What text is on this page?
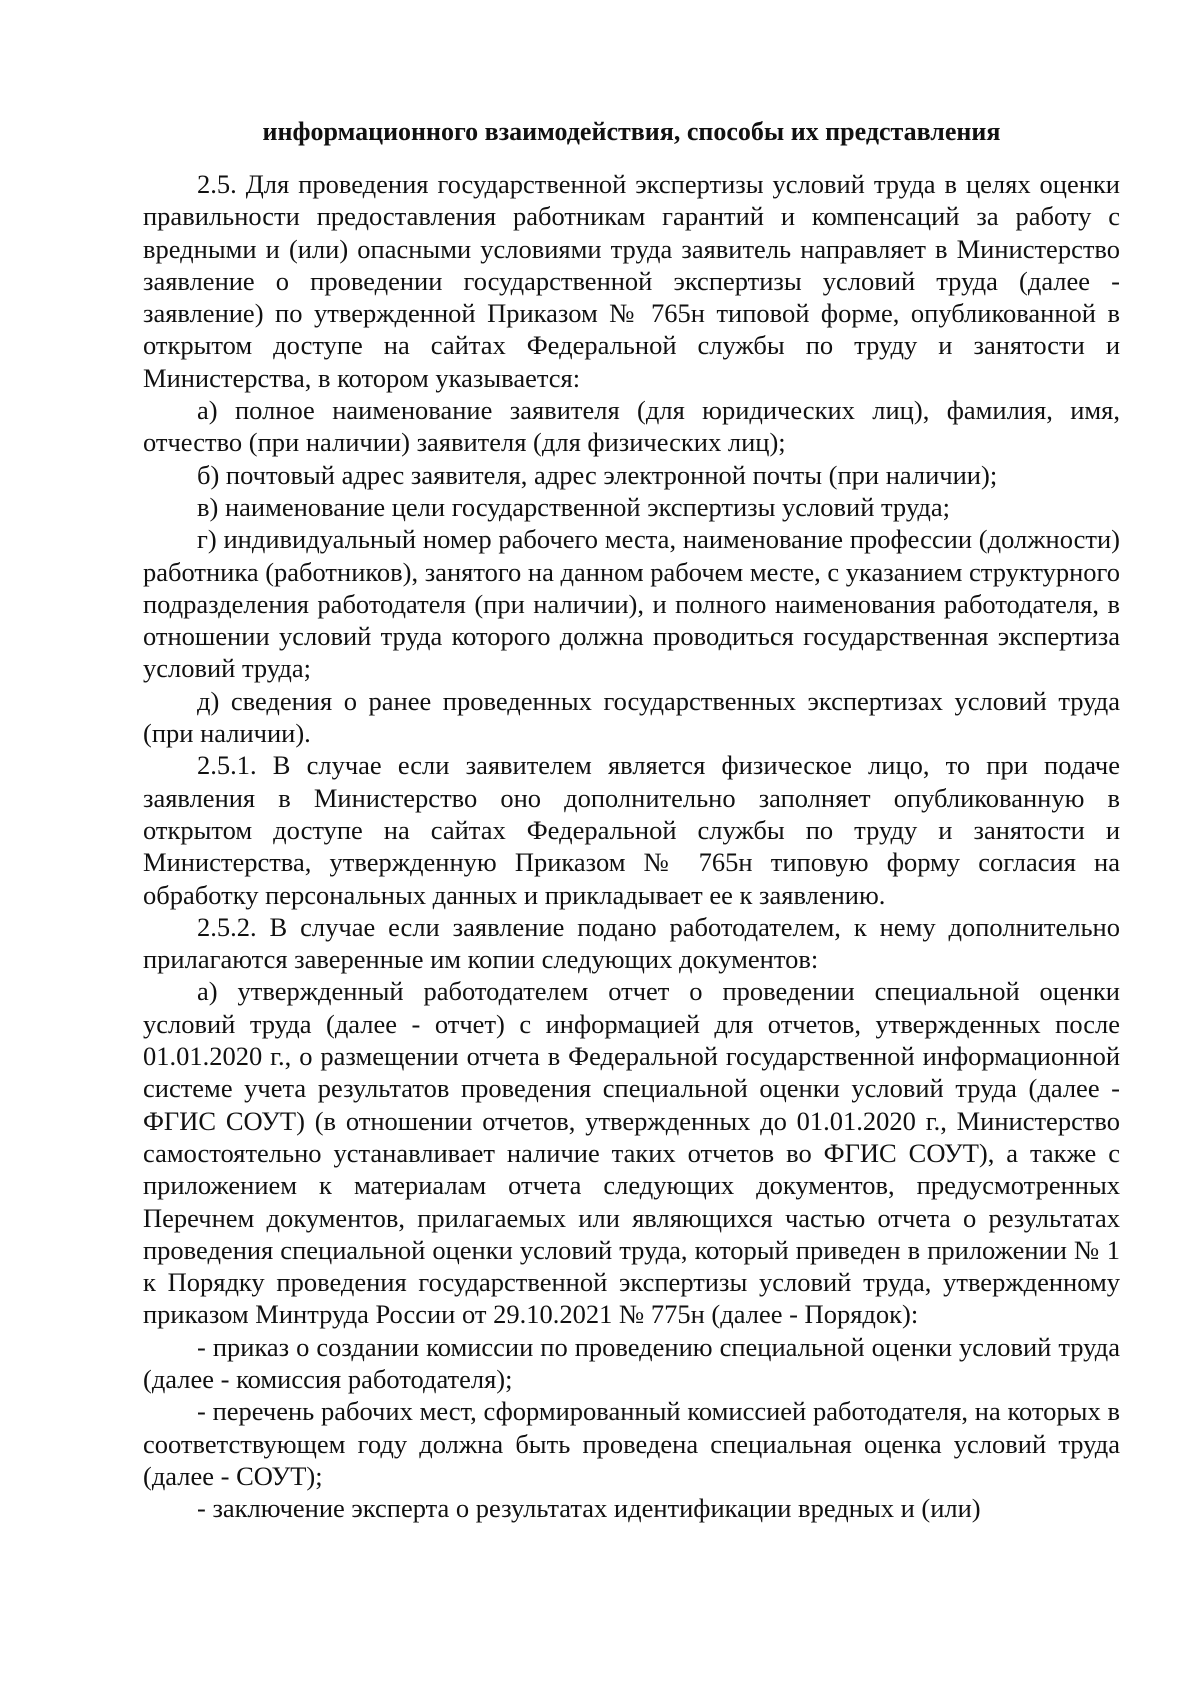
информационного взаимодействия, способы их представления

2.5. Для проведения государственной экспертизы условий труда в целях оценки правильности предоставления работникам гарантий и компенсаций за работу с вредными и (или) опасными условиями труда заявитель направляет в Министерство заявление о проведении государственной экспертизы условий труда (далее - заявление) по утвержденной Приказом № 765н типовой форме, опубликованной в открытом доступе на сайтах Федеральной службы по труду и занятости и Министерства, в котором указывается:

а) полное наименование заявителя (для юридических лиц), фамилия, имя, отчество (при наличии) заявителя (для физических лиц);

б) почтовый адрес заявителя, адрес электронной почты (при наличии);

в) наименование цели государственной экспертизы условий труда;

г) индивидуальный номер рабочего места, наименование профессии (должности) работника (работников), занятого на данном рабочем месте, с указанием структурного подразделения работодателя (при наличии), и полного наименования работодателя, в отношении условий труда которого должна проводиться государственная экспертиза условий труда;

д) сведения о ранее проведенных государственных экспертизах условий труда (при наличии).

2.5.1. В случае если заявителем является физическое лицо, то при подаче заявления в Министерство оно дополнительно заполняет опубликованную в открытом доступе на сайтах Федеральной службы по труду и занятости и Министерства, утвержденную Приказом № 765н типовую форму согласия на обработку персональных данных и прикладывает ее к заявлению.

2.5.2. В случае если заявление подано работодателем, к нему дополнительно прилагаются заверенные им копии следующих документов:

а) утвержденный работодателем отчет о проведении специальной оценки условий труда (далее - отчет) с информацией для отчетов, утвержденных после 01.01.2020 г., о размещении отчета в Федеральной государственной информационной системе учета результатов проведения специальной оценки условий труда (далее - ФГИС СОУТ) (в отношении отчетов, утвержденных до 01.01.2020 г., Министерство самостоятельно устанавливает наличие таких отчетов во ФГИС СОУТ), а также с приложением к материалам отчета следующих документов, предусмотренных Перечнем документов, прилагаемых или являющихся частью отчета о результатах проведения специальной оценки условий труда, который приведен в приложении № 1 к Порядку проведения государственной экспертизы условий труда, утвержденному приказом Минтруда России от 29.10.2021 № 775н (далее - Порядок):

- приказ о создании комиссии по проведению специальной оценки условий труда (далее - комиссия работодателя);

- перечень рабочих мест, сформированный комиссией работодателя, на которых в соответствующем году должна быть проведена специальная оценка условий труда (далее - СОУТ);

- заключение эксперта о результатах идентификации вредных и (или)
